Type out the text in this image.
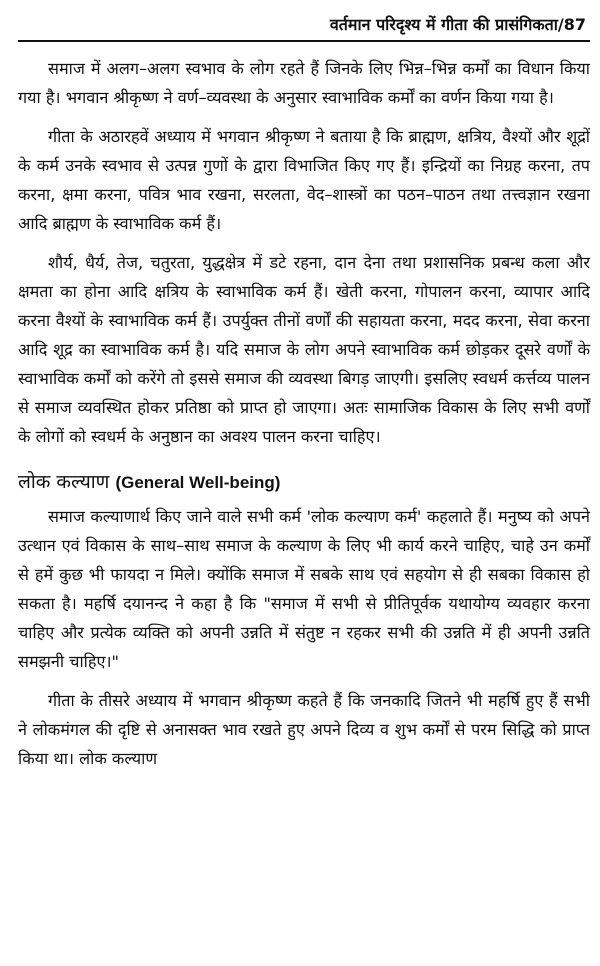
वर्तमान परिदृश्य में गीता की प्रासंगिकता / 87

समाज में अलग–अलग स्वभाव के लोग रहते हैं जिनके लिए भिन्न–भिन्न कर्मों का विधान किया गया है। भगवान श्रीकृष्ण ने वर्ण–व्यवस्था के अनुसार स्वाभाविक कर्मों का वर्णन किया गया है।

गीता के अठारहवें अध्याय में भगवान श्रीकृष्ण ने बताया है कि ब्राह्मण, क्षत्रिय, वैश्यों और शूद्रों के कर्म उनके स्वभाव से उत्पन्न गुणों के द्वारा विभाजित किए गए हैं। इन्द्रियों का निग्रह करना, तप करना, क्षमा करना, पवित्र भाव रखना, सरलता, वेद–शास्त्रों का पठन–पाठन तथा तत्त्वज्ञान रखना आदि ब्राह्मण के स्वाभाविक कर्म हैं।

शौर्य, धैर्य, तेज, चतुरता, युद्धक्षेत्र में डटे रहना, दान देना तथा प्रशासनिक प्रबन्ध कला और क्षमता का होना आदि क्षत्रिय के स्वाभाविक कर्म हैं। खेती करना, गोपालन करना, व्यापार आदि करना वैश्यों के स्वाभाविक कर्म हैं। उपर्युक्त तीनों वर्णों की सहायता करना, मदद करना, सेवा करना आदि शूद्र का स्वाभाविक कर्म है। यदि समाज के लोग अपने स्वाभाविक कर्म छोड़कर दूसरे वर्णों के स्वाभाविक कर्मों को करेंगे तो इससे समाज की व्यवस्था बिगड़ जाएगी। इसलिए स्वधर्म कर्त्तव्य पालन से समाज व्यवस्थित होकर प्रतिष्ठा को प्राप्त हो जाएगा। अतः सामाजिक विकास के लिए सभी वर्णों के लोगों को स्वधर्म के अनुष्ठान का अवश्य पालन करना चाहिए।

लोक कल्याण (General Well-being)

समाज कल्याणार्थ किए जाने वाले सभी कर्म 'लोक कल्याण कर्म' कहलाते हैं। मनुष्य को अपने उत्थान एवं विकास के साथ–साथ समाज के कल्याण के लिए भी कार्य करने चाहिए, चाहे उन कर्मों से हमें कुछ भी फायदा न मिले। क्योंकि समाज में सबके साथ एवं सहयोग से ही सबका विकास हो सकता है। महर्षि दयानन्द ने कहा है कि "समाज में सभी से प्रीतिपूर्वक यथायोग्य व्यवहार करना चाहिए और प्रत्येक व्यक्ति को अपनी उन्नति में संतुष्ट न रहकर सभी की उन्नति में ही अपनी उन्नति समझनी चाहिए।"

गीता के तीसरे अध्याय में भगवान श्रीकृष्ण कहते हैं कि जनकादि जितने भी महर्षि हुए हैं सभी ने लोकमंगल की दृष्टि से अनासक्त भाव रखते हुए अपने दिव्य व शुभ कर्मों से परम सिद्धि को प्राप्त किया था। लोक कल्याण
